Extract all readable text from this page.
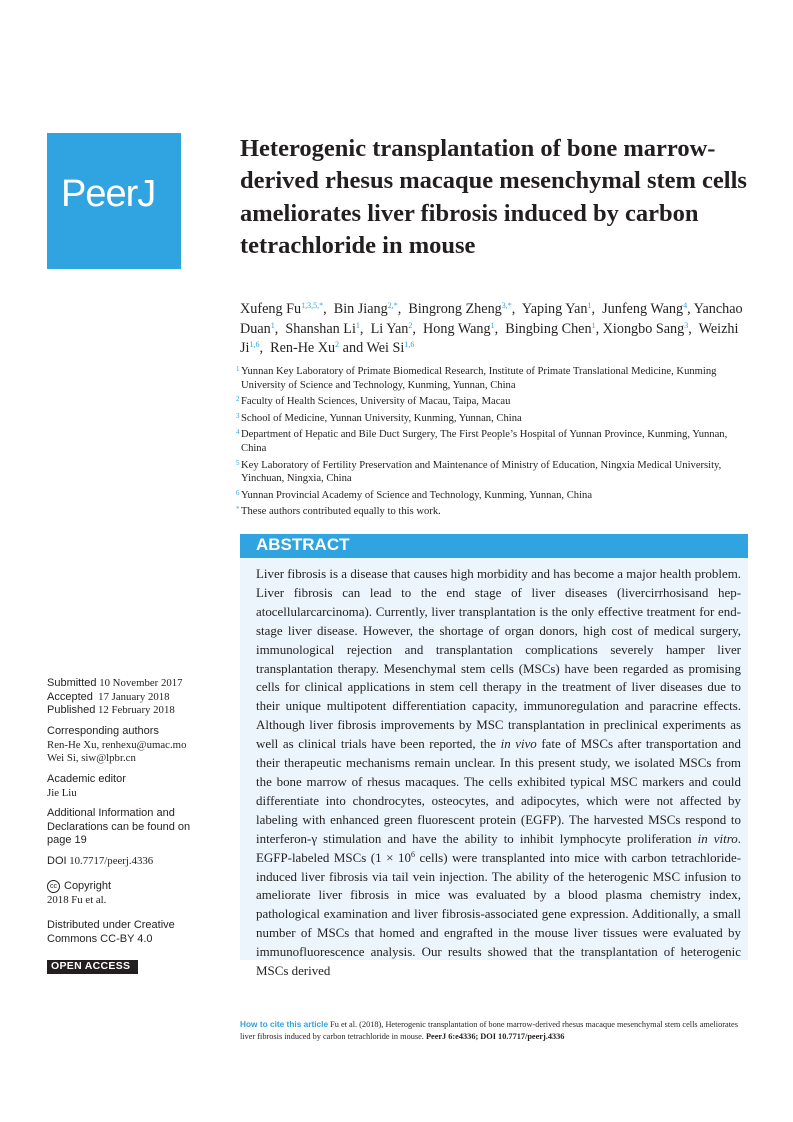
PeerJ
Heterogenic transplantation of bone marrow-derived rhesus macaque mesenchymal stem cells ameliorates liver fibrosis induced by carbon tetrachloride in mouse
Xufeng $Fu^{1,3,5,*}$,  Bin Jiang$^{2,*}$,  Bingrong Zheng$^{3,*}$,  Yaping Yan$^1$,  Junfeng Wang$^4$, Yanchao Duan$^1$,  Shanshan Li$^1$,  Li Yan$^2$,  Hong Wang$^1$,  Bingbing Chen$^1$, Xiongbo Sang$^3$,  Weizhi Ji$^{1,6}$,  Ren-He Xu$^2$ and Wei Si$^{1,6}$
1 Yunnan Key Laboratory of Primate Biomedical Research, Institute of Primate Translational Medicine, Kunming University of Science and Technology, Kunming, Yunnan, China
2 Faculty of Health Sciences, University of Macau, Taipa, Macau
3 School of Medicine, Yunnan University, Kunming, Yunnan, China
4 Department of Hepatic and Bile Duct Surgery, The First People’s Hospital of Yunnan Province, Kunming, Yunnan, China
5 Key Laboratory of Fertility Preservation and Maintenance of Ministry of Education, Ningxia Medical University, Yinchuan, Ningxia, China
6 Yunnan Provincial Academy of Science and Technology, Kunming, Yunnan, China
* These authors contributed equally to this work.
ABSTRACT

Liver fibrosis is a disease that causes high morbidity and has become a major health problem. Liver fibrosis can lead to the end stage of liver diseases (livercirrhosisand hepatocellularcarcinoma). Currently, liver transplantation is the only effective treatment for end-stage liver disease. However, the shortage of organ donors, high cost of medical surgery, immunological rejection and transplantation complications severely hamper liver transplantation therapy. Mesenchymal stem cells (MSCs) have been regarded as promising cells for clinical applications in stem cell therapy in the treatment of liver diseases due to their unique multipotent differentiation capacity, immunoregulation and paracrine effects. Although liver fibrosis improvements by MSC transplantation in preclinical experiments as well as clinical trials have been reported, the in vivo fate of MSCs after transportation and their therapeutic mechanisms remain unclear. In this present study, we isolated MSCs from the bone marrow of rhesus macaques. The cells exhibited typical MSC markers and could differentiate into chondrocytes, osteocytes, and adipocytes, which were not affected by labeling with enhanced green fluorescent protein (EGFP). The harvested MSCs respond to interferon-γ stimulation and have the ability to inhibit lymphocyte proliferation in vitro. EGFP-labeled MSCs ($1 \times 10^6$ cells) were transplanted into mice with carbon tetrachloride-induced liver fibrosis via tail vein injection. The ability of the heterogenic MSC infusion to ameliorate liver fibrosis in mice was evaluated by a blood plasma chemistry index, pathological examination and liver fibrosis-associated gene expression. Additionally, a small number of MSCs that homed and engrafted in the mouse liver tissues were evaluated by immunofluorescence analysis. Our results showed that the transplantation of heterogenic MSCs derived

Submitted 10 November 2017
Accepted 17 January 2018
Published 12 February 2018
Corresponding authors
Ren-He Xu, renhexu@umac.mo
Wei Si, siw@lpbr.cn
Academic editor
Jie Liu
Additional Information and Declarations can be found on page 19
DOI 10.7717/peerj.4336
cc Copyright
2018 Fu et al.
Distributed under Creative Commons CC-BY 4.0
OPEN ACCESS
How to cite this article Fu et al. (2018), Heterogenic transplantation of bone marrow-derived rhesus macaque mesenchymal stem cells ameliorates liver fibrosis induced by carbon tetrachloride in mouse. PeerJ 6:e4336; DOI 10.7717/peerj.4336
